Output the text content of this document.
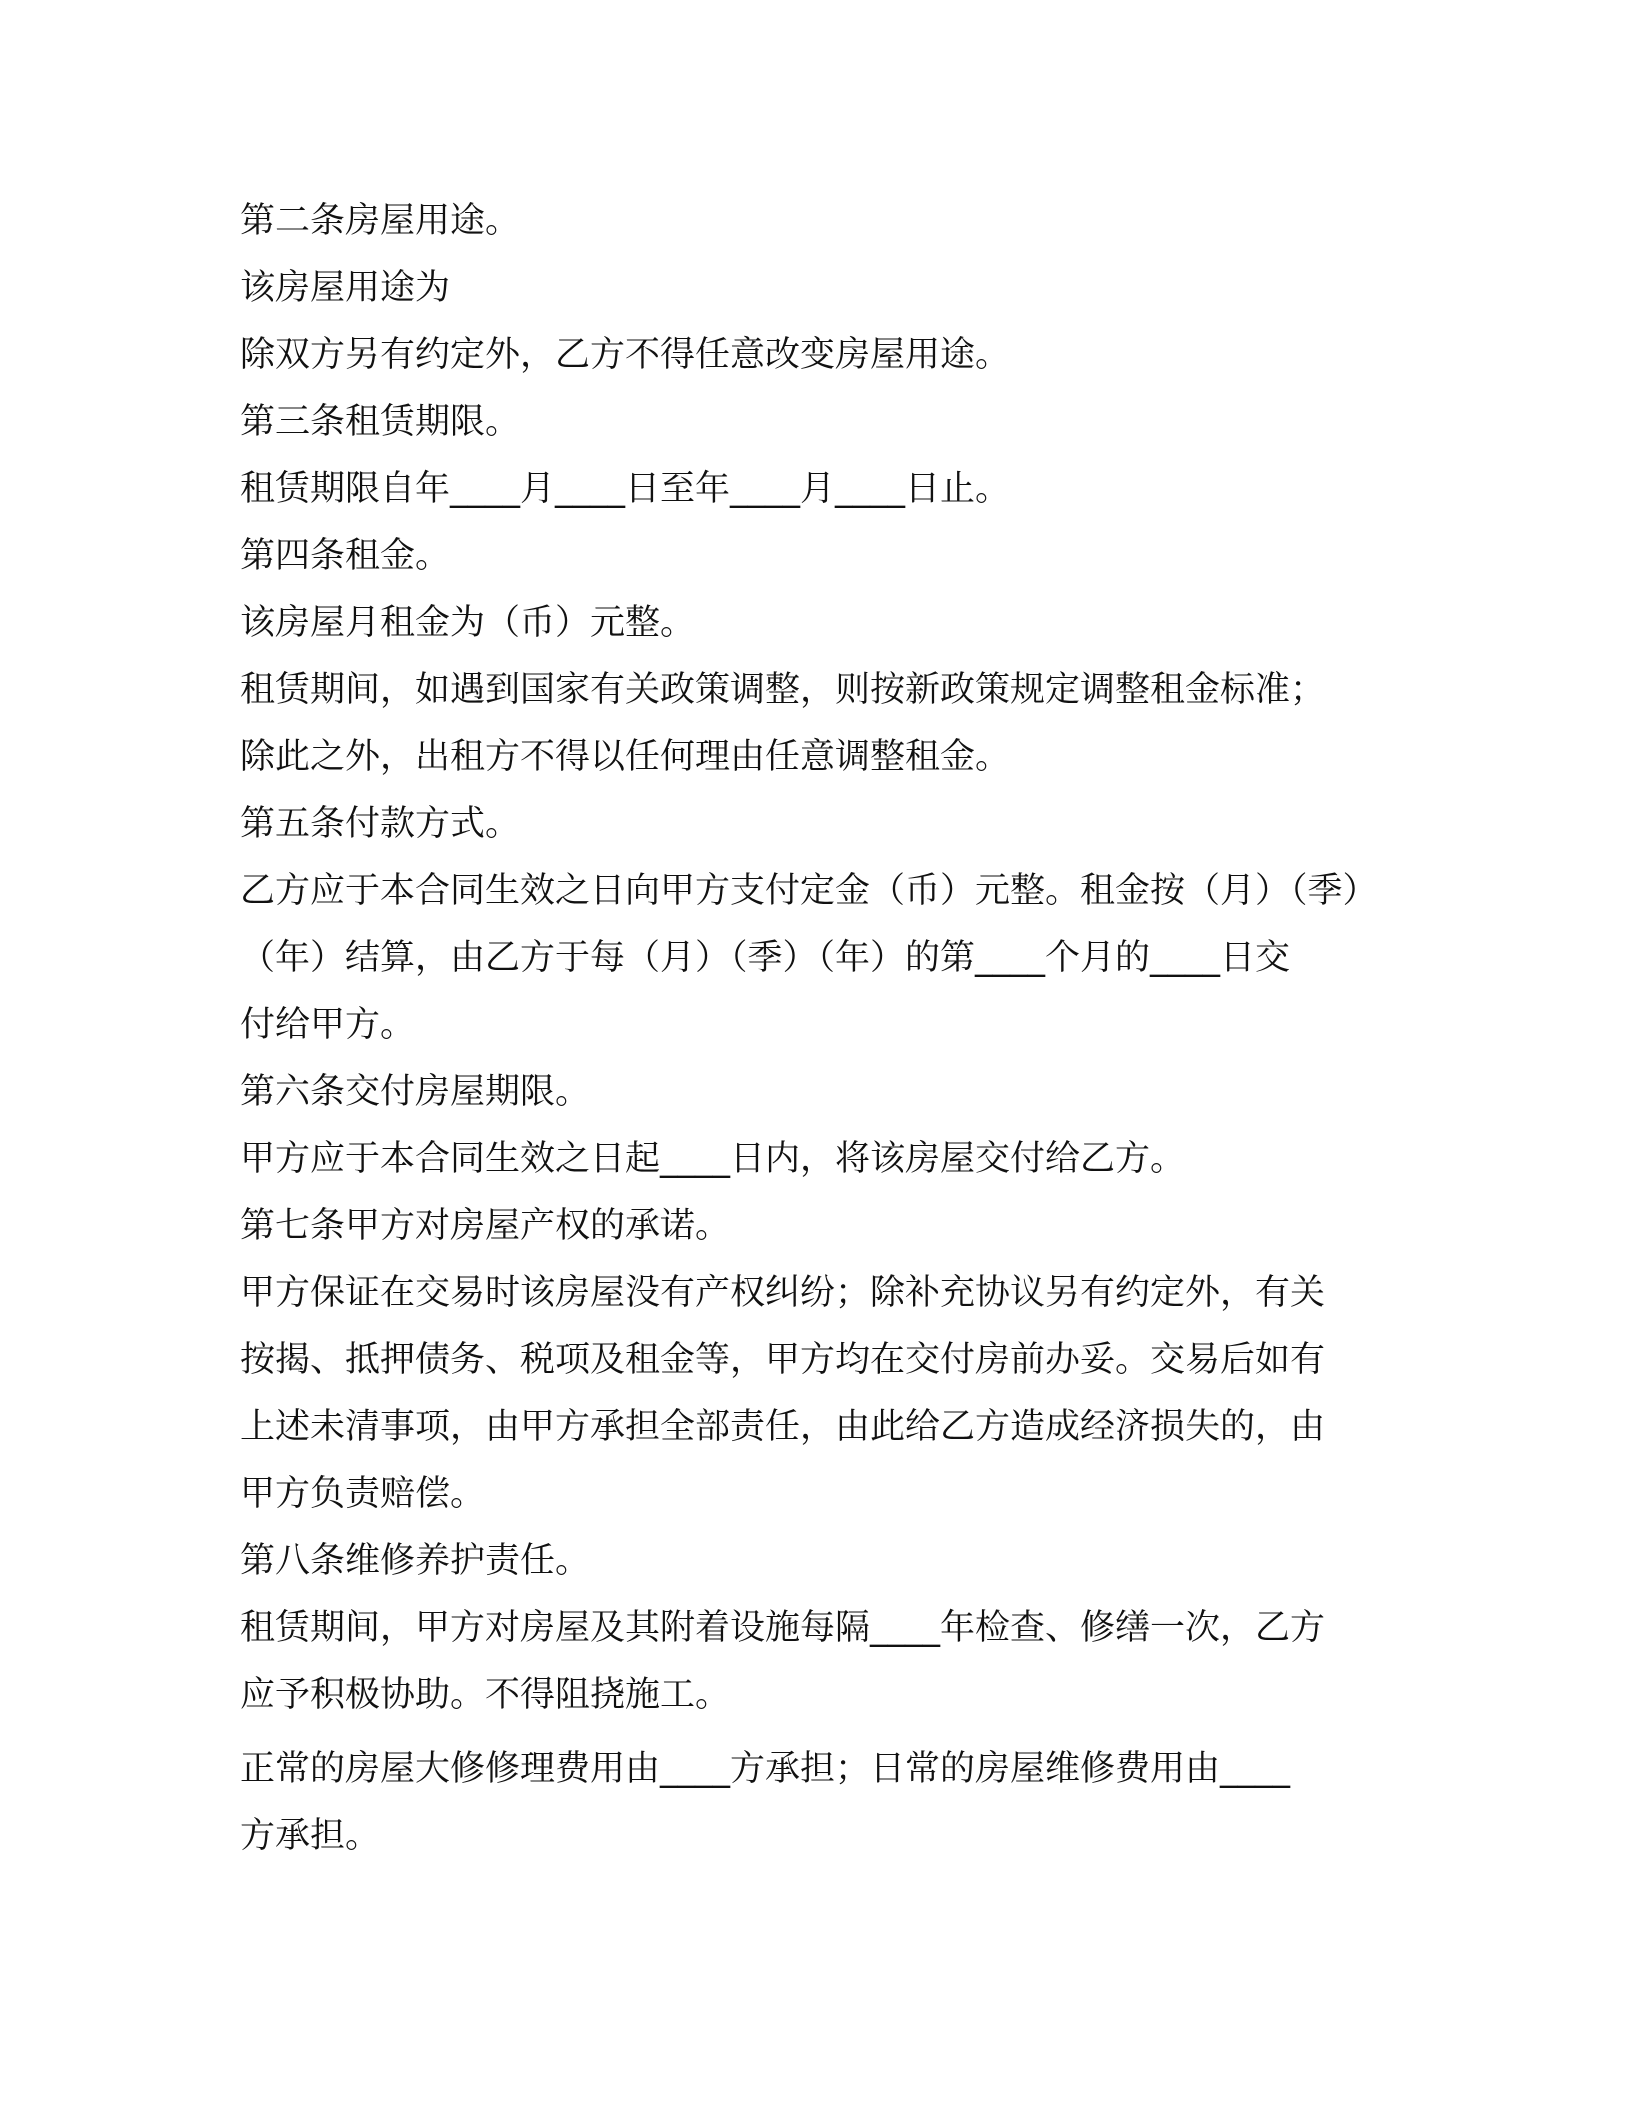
第二条房屋用途。

该房屋用途为

除双方另有约定外，乙方不得任意改变房屋用途。

第三条租赁期限。

租赁期限自年____月____日至年____月____日止。

第四条租金。

该房屋月租金为（币）元整。

租赁期间，如遇到国家有关政策调整，则按新政策规定调整租金标准；

除此之外，出租方不得以任何理由任意调整租金。

第五条付款方式。

乙方应于本合同生效之日向甲方支付定金（币）元整。租金按（月）（季）

（年）结算，由乙方于每（月）（季）（年）的第____个月的____日交

付给甲方。

第六条交付房屋期限。

甲方应于本合同生效之日起____日内，将该房屋交付给乙方。

第七条甲方对房屋产权的承诺。

甲方保证在交易时该房屋没有产权纠纷；除补充协议另有约定外，有关

按揭、抵押债务、税项及租金等，甲方均在交付房前办妥。交易后如有

上述未清事项，由甲方承担全部责任，由此给乙方造成经济损失的，由

甲方负责赔偿。

第八条维修养护责任。

租赁期间，甲方对房屋及其附着设施每隔____年检查、修缮一次，乙方

应予积极协助。不得阻挠施工。

正常的房屋大修修理费用由____方承担；日常的房屋维修费用由____

方承担。
